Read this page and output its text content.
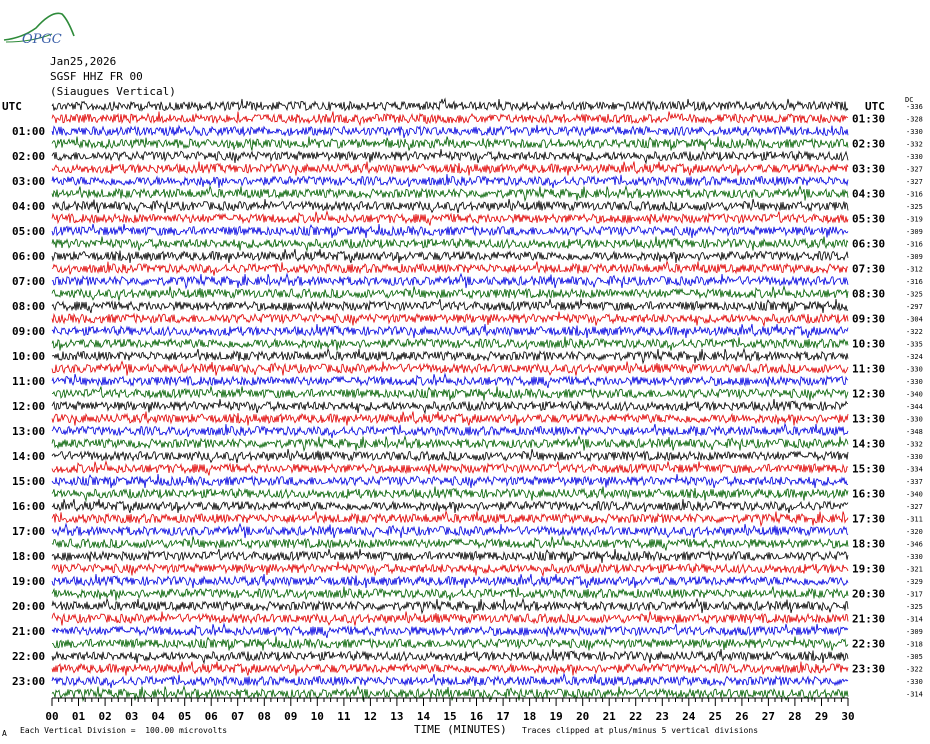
OPGC
Jan25,2026
SGSF HHZ FR 00
(Siaugues Vertical)
-336
-328
-330
-332
-330
-327
-327
-316
-325
-319
-309
-316
-309
-312
-316
-325
-297
-304
-322
-335
-324
-330
-330
-340
-344
-330
-348
-332
-330
-334
-337
-340
-327
-311
-320
-346
-330
-321
-329
-317
-325
-314
-309
-318
-305
-322
-330
-314
01:00
02:00
03:00
04:00
05:00
06:00
07:00
08:00
09:00
10:00
11:00
12:00
13:00
14:00
15:00
16:00
17:00
18:00
19:00
20:00
21:00
22:00
23:00
01:30
02:30
03:30
04:30
05:30
06:30
07:30
08:30
09:30
10:30
11:30
12:30
13:30
14:30
15:30
16:30
17:30
18:30
19:30
20:30
21:30
22:30
23:30
00 01 02 03 04 05 06 07 08 09 10 11 12 13 14 15 16 17 18 19 20 21 22 23 24 25 26 27 28 29 30
UTC	UTC	DC
A Each Vertical Division =  100.00 microvolts	TIME (MINUTES) Traces clipped at plus/minus 5 vertical divisions
